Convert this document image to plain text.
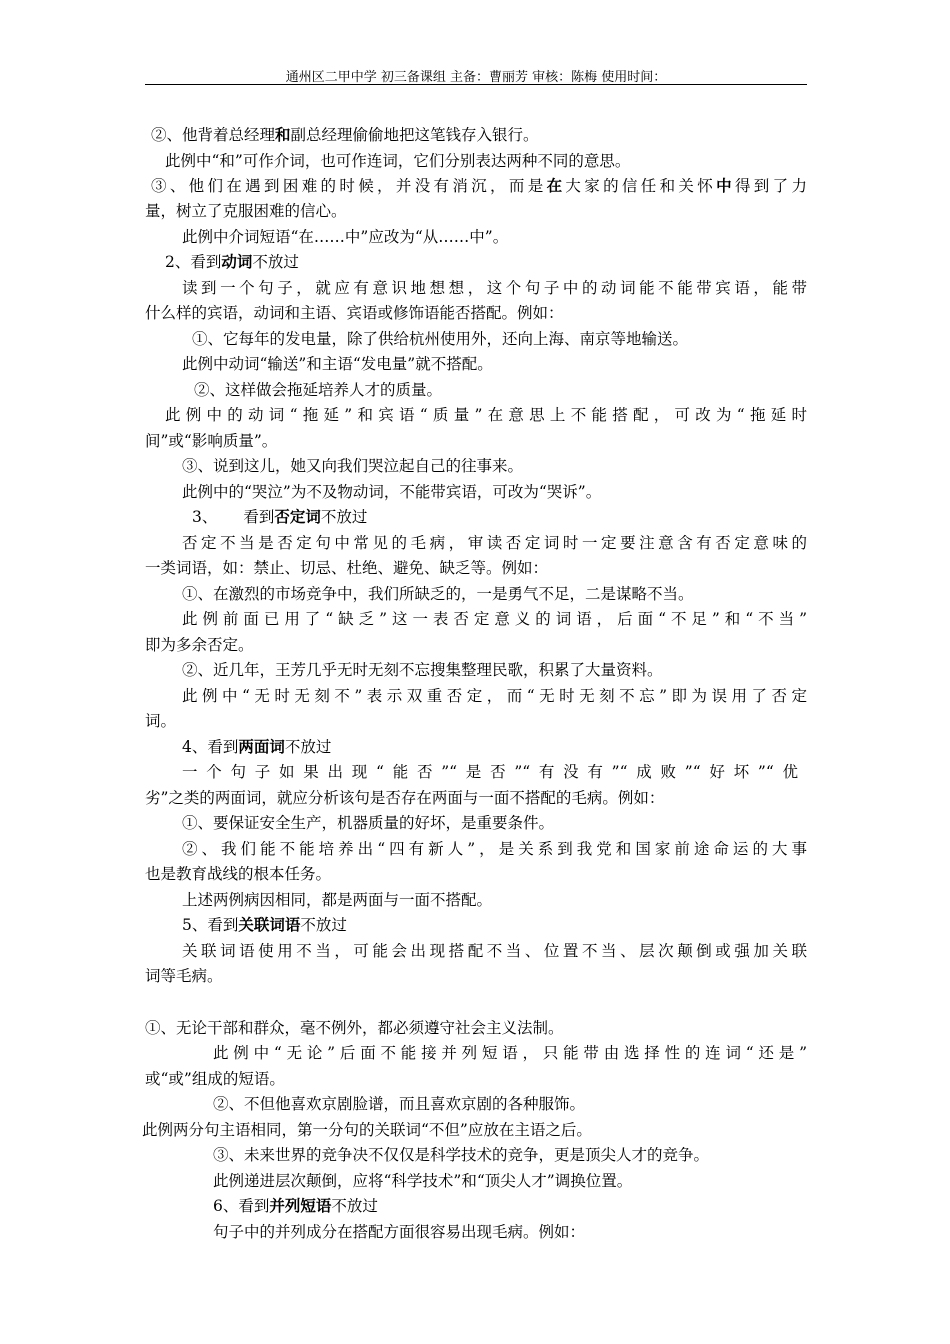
通州区二甲中学 初三备课组 主备：曹丽芳 审核：陈梅 使用时间：
②、他背着总经理和副总经理偷偷地把这笔钱存入银行。
此例中“和”可作介词，也可作连词，它们分别表达两种不同的意思。
③、他们在遇到困难的时候，并没有消沉，而是在大家的信任和关怀中得到了力
量，树立了克服困难的信心。
此例中介词短语“在……中”应改为“从……中”。
2、看到动词不放过
读到一个句子，就应有意识地想想，这个句子中的动词能不能带宾语，能带
什么样的宾语，动词和主语、宾语或修饰语能否搭配。例如：
①、它每年的发电量，除了供给杭州使用外，还向上海、南京等地输送。
此例中动词“输送”和主语“发电量”就不搭配。
②、这样做会拖延培养人才的质量。
此例中的动词“拖延”和宾语“质量”在意思上不能搭配，可改为“拖延时
间”或“影响质量”。
③、说到这儿，她又向我们哭泣起自己的往事来。
此例中的“哭泣”为不及物动词，不能带宾语，可改为“哭诉”。
3、 看到否定词不放过
否定不当是否定句中常见的毛病，审读否定词时一定要注意含有否定意味的
一类词语，如：禁止、切忌、杜绝、避免、缺乏等。例如：
①、在激烈的市场竞争中，我们所缺乏的，一是勇气不足，二是谋略不当。
此例前面已用了“缺乏”这一表否定意义的词语，后面“不足”和“不当”
即为多余否定。
②、近几年，王芳几乎无时无刻不忘搜集整理民歌，积累了大量资料。
此例中“无时无刻不”表示双重否定，而“无时无刻不忘”即为误用了否定
词。
4、看到两面词不放过
一个句子如果出现“能否”“是否”“有没有”“成败”“好坏”“优
劣”之类的两面词，就应分析该句是否存在两面与一面不搭配的毛病。例如：
①、要保证安全生产，机器质量的好坏，是重要条件。
②、我们能不能培养出“四有新人”，是关系到我党和国家前途命运的大事
也是教育战线的根本任务。
上述两例病因相同，都是两面与一面不搭配。
5、看到关联词语不放过
关联词语使用不当，可能会出现搭配不当、位置不当、层次颠倒或强加关联
词等毛病。
①、无论干部和群众，毫不例外，都必须遵守社会主义法制。
此例中“无论”后面不能接并列短语，只能带由选择性的连词“还是”
或“或”组成的短语。
②、不但他喜欢京剧脸谱，而且喜欢京剧的各种服饰。
此例两分句主语相同，第一分句的关联词“不但”应放在主语之后。
③、未来世界的竞争决不仅仅是科学技术的竞争，更是顶尖人才的竞争。
此例递进层次颠倒，应将“科学技术”和“顶尖人才”调换位置。
6、看到并列短语不放过
句子中的并列成分在搭配方面很容易出现毛病。例如：
